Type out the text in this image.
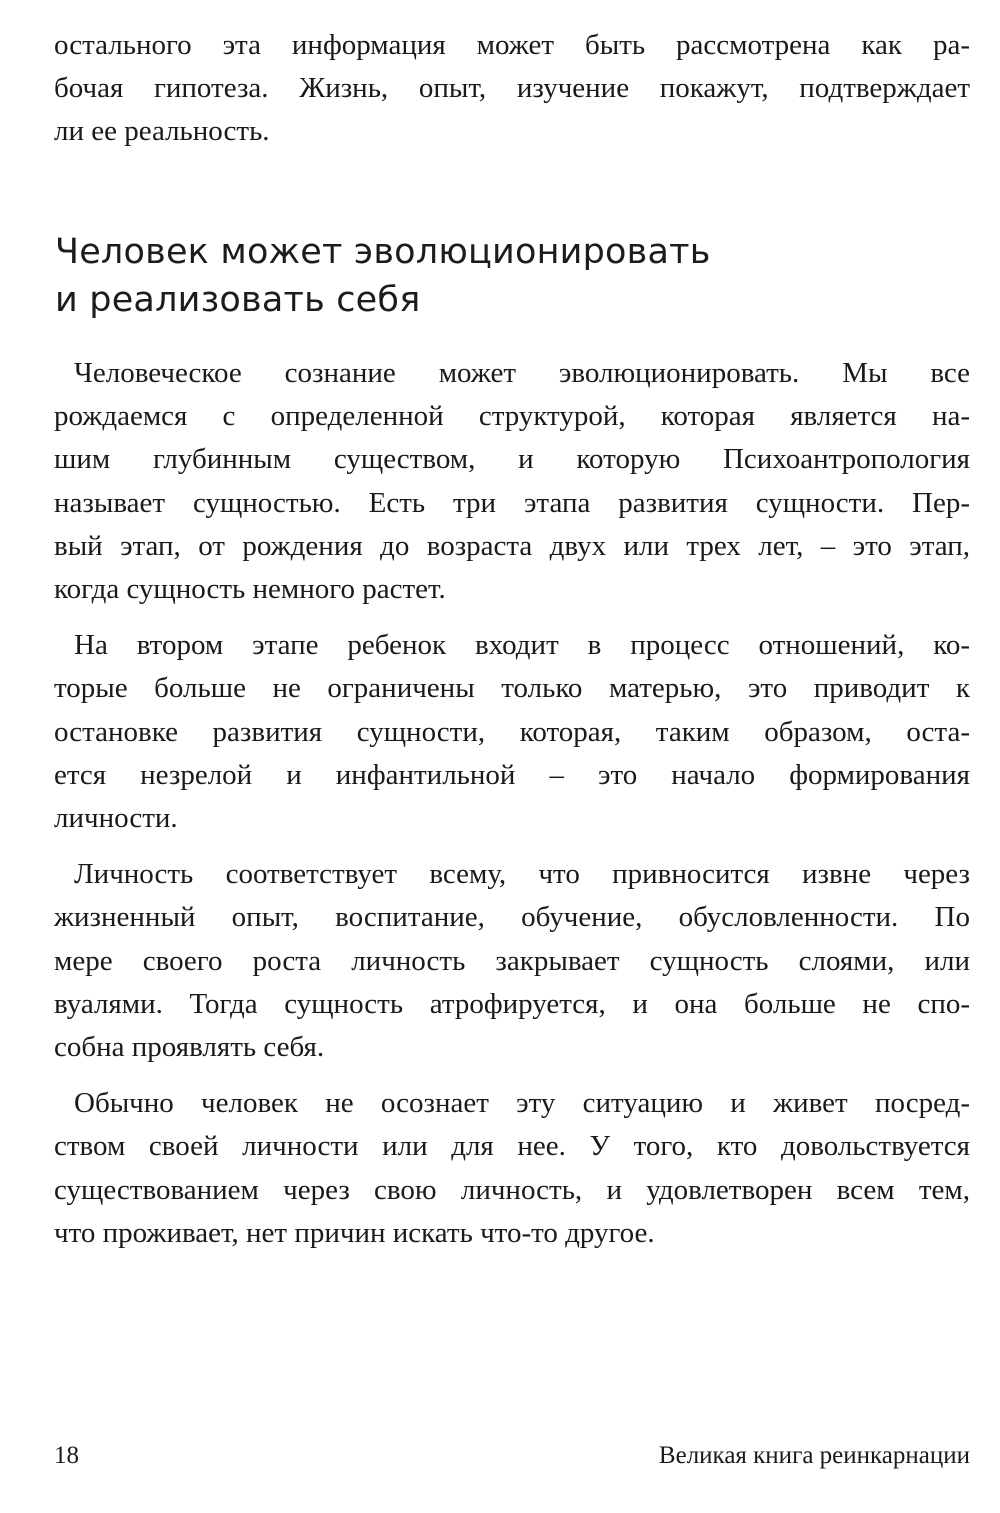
остального эта информация может быть рассмотрена как ра-
бочая гипотеза. Жизнь, опыт, изучение покажут, подтверждает
ли ее реальность.
Человек может эволюционировать
и реализовать себя

Человеческое сознание может эволюционировать. Мы все
рождаемся с определенной структурой, которая является на-
шим глубинным существом, и которую Психоантропология
называет сущностью. Есть три этапа развития сущности. Пер-
вый этап, от рождения до возраста двух или трех лет, – это этап,
когда сущность немного растет.

На втором этапе ребенок входит в процесс отношений, ко-
торые больше не ограничены только матерью, это приводит к
остановке развития сущности, которая, таким образом, оста-
ется незрелой и инфантильной – это начало формирования
личности.

Личность соответствует всему, что привносится извне через
жизненный опыт, воспитание, обучение, обусловленности. По
мере своего роста личность закрывает сущность слоями, или
вуалями. Тогда сущность атрофируется, и она больше не спо-
собна проявлять себя.

Обычно человек не осознает эту ситуацию и живет посред-
ством своей личности или для нее. У того, кто довольствуется
существованием через свою личность, и удовлетворен всем тем,
что проживает, нет причин искать что-то другое.

18	Великая книга реинкарнации
